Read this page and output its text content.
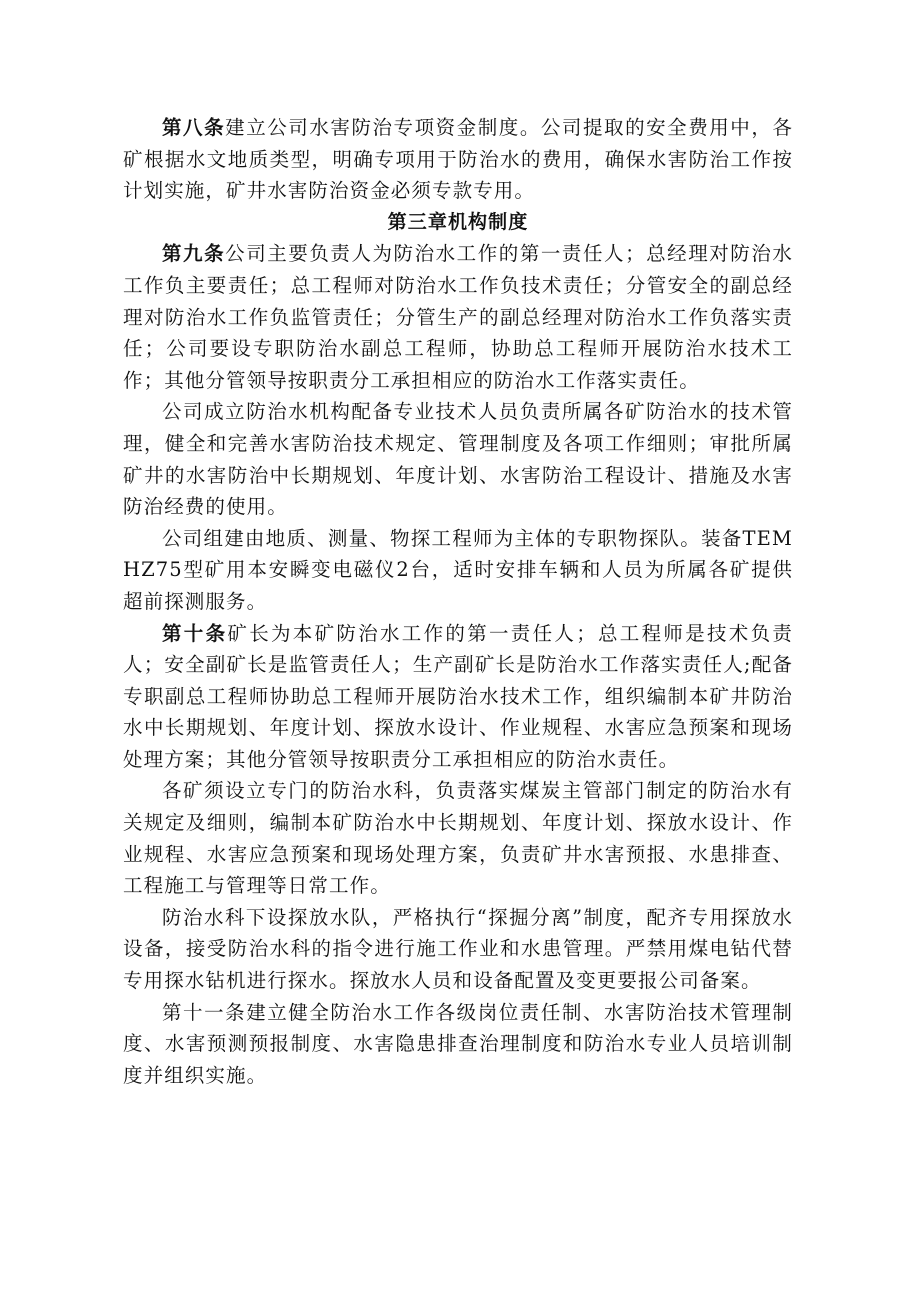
第八条建立公司水害防治专项资金制度。公司提取的安全费用中，各矿根据水文地质类型，明确专项用于防治水的费用，确保水害防治工作按计划实施，矿井水害防治资金必须专款专用。

第三章机构制度

第九条公司主要负责人为防治水工作的第一责任人；总经理对防治水工作负主要责任；总工程师对防治水工作负技术责任；分管安全的副总经理对防治水工作负监管责任；分管生产的副总经理对防治水工作负落实责任；公司要设专职防治水副总工程师，协助总工程师开展防治水技术工作；其他分管领导按职责分工承担相应的防治水工作落实责任。

公司成立防治水机构配备专业技术人员负责所属各矿防治水的技术管理，健全和完善水害防治技术规定、管理制度及各项工作细则；审批所属矿井的水害防治中长期规划、年度计划、水害防治工程设计、措施及水害防治经费的使用。

公司组建由地质、测量、物探工程师为主体的专职物探队。装备TEMHZ75型矿用本安瞬变电磁仪2台，适时安排车辆和人员为所属各矿提供超前探测服务。

第十条矿长为本矿防治水工作的第一责任人；总工程师是技术负责人；安全副矿长是监管责任人；生产副矿长是防治水工作落实责任人;配备专职副总工程师协助总工程师开展防治水技术工作，组织编制本矿井防治水中长期规划、年度计划、探放水设计、作业规程、水害应急预案和现场处理方案；其他分管领导按职责分工承担相应的防治水责任。

各矿须设立专门的防治水科，负责落实煤炭主管部门制定的防治水有关规定及细则，编制本矿防治水中长期规划、年度计划、探放水设计、作业规程、水害应急预案和现场处理方案，负责矿井水害预报、水患排查、工程施工与管理等日常工作。

防治水科下设探放水队，严格执行“探掘分离”制度，配齐专用探放水设备，接受防治水科的指令进行施工作业和水患管理。严禁用煤电钻代替专用探水钻机进行探水。探放水人员和设备配置及变更要报公司备案。

第十一条建立健全防治水工作各级岗位责任制、水害防治技术管理制度、水害预测预报制度、水害隐患排查治理制度和防治水专业人员培训制度并组织实施。
